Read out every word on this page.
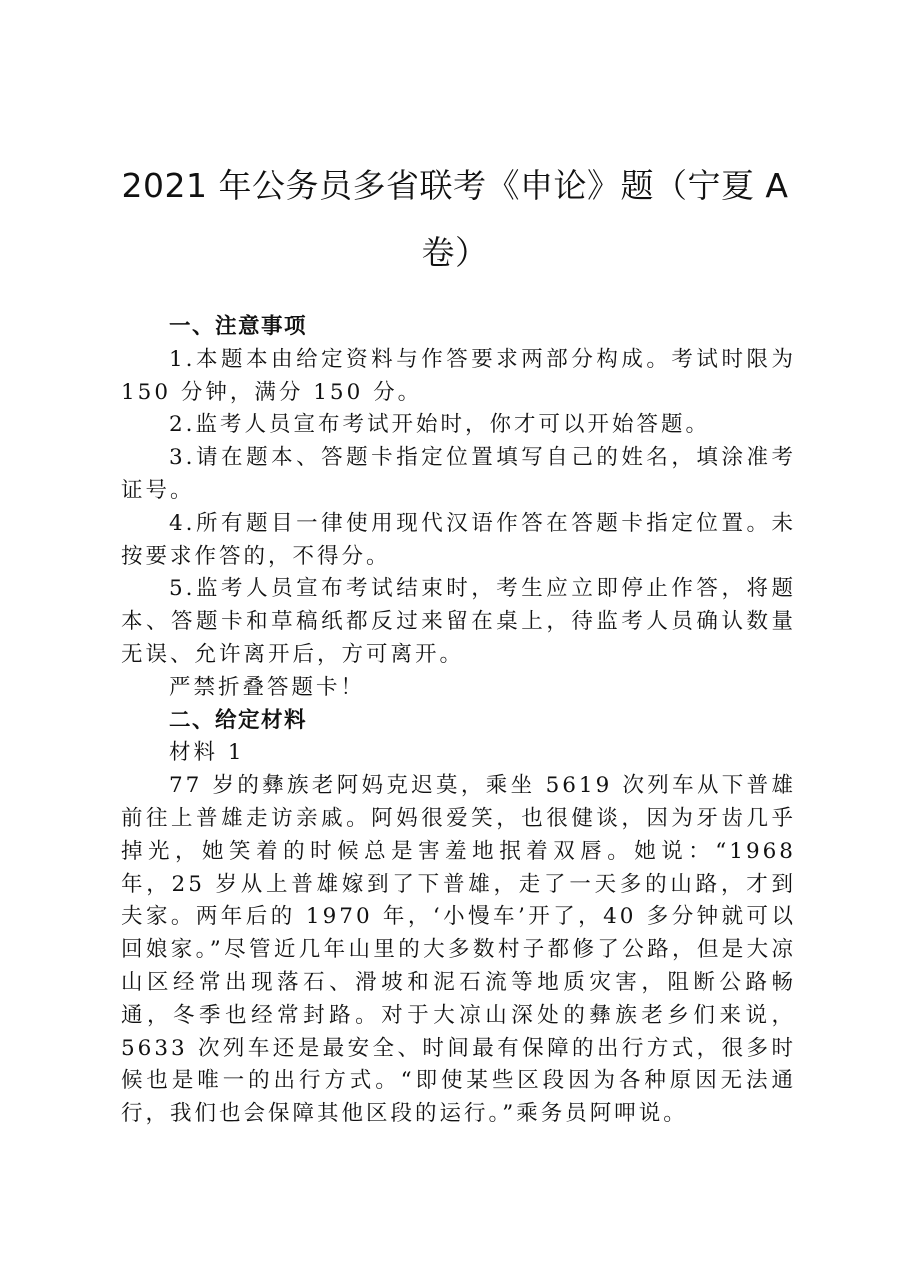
2021 年公务员多省联考《申论》题（宁夏 A 卷）

一、注意事项

1.本题本由给定资料与作答要求两部分构成。考试时限为 150 分钟，满分 150 分。

2.监考人员宣布考试开始时，你才可以开始答题。

3.请在题本、答题卡指定位置填写自己的姓名，填涂准考证号。

4.所有题目一律使用现代汉语作答在答题卡指定位置。未按要求作答的，不得分。

5.监考人员宣布考试结束时，考生应立即停止作答，将题本、答题卡和草稿纸都反过来留在桌上，待监考人员确认数量无误、允许离开后，方可离开。

严禁折叠答题卡！

二、给定材料

材料 1

77 岁的彝族老阿妈克迟莫，乘坐 5619 次列车从下普雄前往上普雄走访亲戚。阿妈很爱笑，也很健谈，因为牙齿几乎掉光，她笑着的时候总是害羞地抿着双唇。她说：“1968 年，25 岁从上普雄嫁到了下普雄，走了一天多的山路，才到夫家。两年后的 1970 年，‘小慢车’开了，40 多分钟就可以回娘家。”尽管近几年山里的大多数村子都修了公路，但是大凉山区经常出现落石、滑坡和泥石流等地质灾害，阻断公路畅通，冬季也经常封路。对于大凉山深处的彝族老乡们来说，5633 次列车还是最安全、时间最有保障的出行方式，很多时候也是唯一的出行方式。“即使某些区段因为各种原因无法通行，我们也会保障其他区段的运行。”乘务员阿呷说。
